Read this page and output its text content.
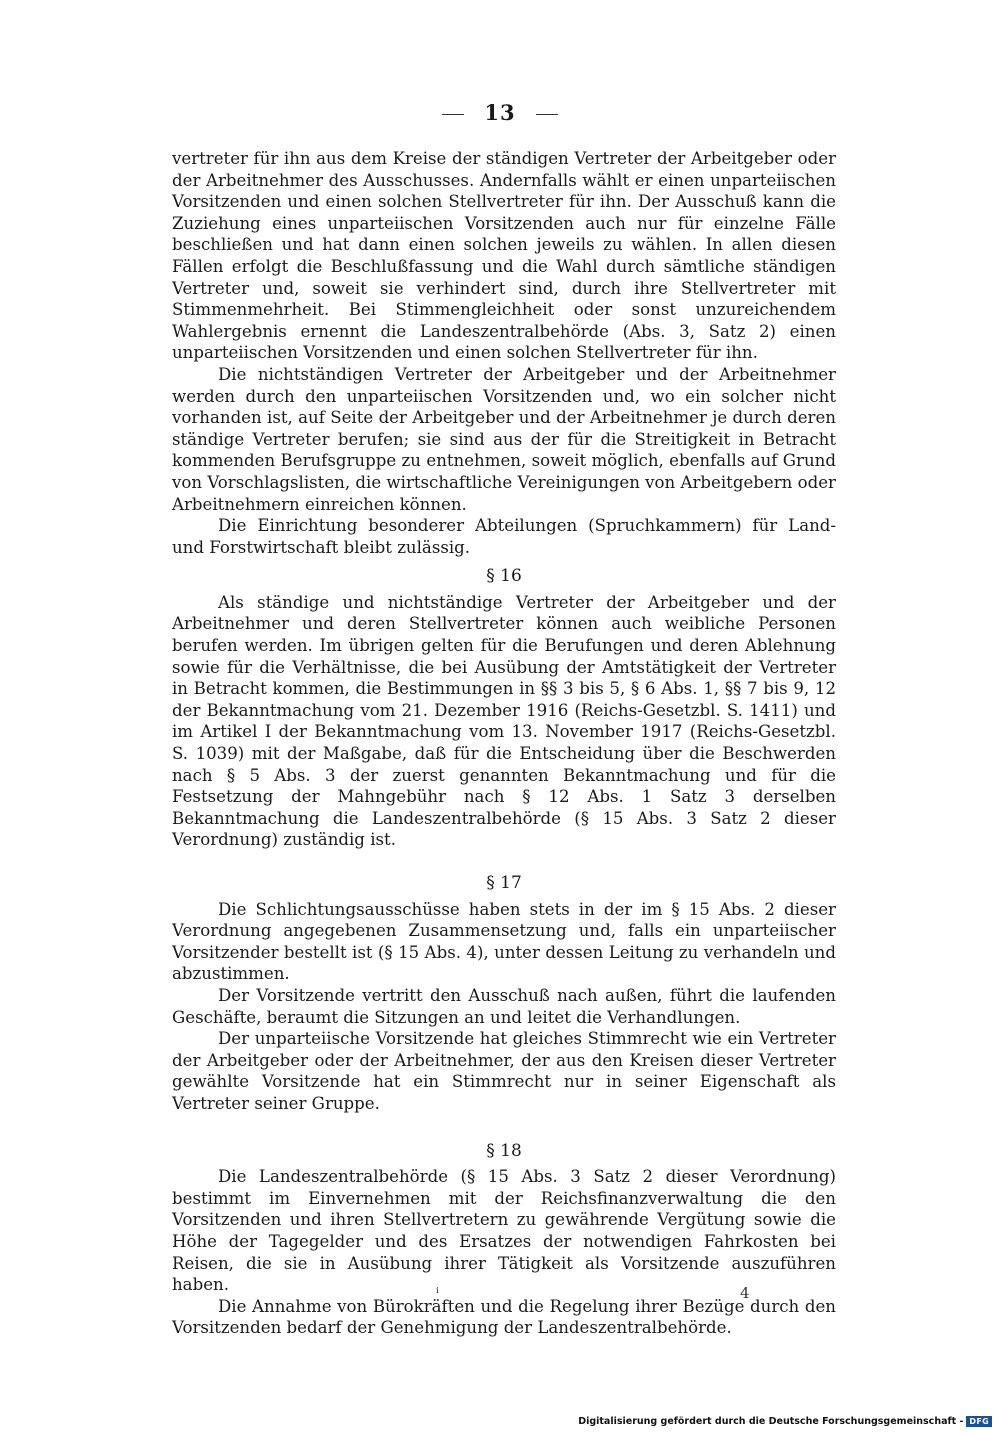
13

vertreter für ihn aus dem Kreise der ständigen Vertreter der Arbeitgeber oder der Arbeitnehmer des Ausschusses. Andernfalls wählt er einen unparteiischen Vorsitzenden und einen solchen Stellvertreter für ihn. Der Ausschuß kann die Zuziehung eines unparteiischen Vorsitzenden auch nur für einzelne Fälle beschließen und hat dann einen solchen jeweils zu wählen. In allen diesen Fällen erfolgt die Beschlußfassung und die Wahl durch sämtliche ständigen Vertreter und, soweit sie verhindert sind, durch ihre Stellvertreter mit Stimmenmehrheit. Bei Stimmengleichheit oder sonst unzureichendem Wahlergebnis ernennt die Landeszentralbehörde (Abs. 3, Satz 2) einen unparteiischen Vorsitzenden und einen solchen Stellvertreter für ihn.

Die nichtständigen Vertreter der Arbeitgeber und der Arbeitnehmer werden durch den unparteiischen Vorsitzenden und, wo ein solcher nicht vorhanden ist, auf Seite der Arbeitgeber und der Arbeitnehmer je durch deren ständige Vertreter berufen; sie sind aus der für die Streitigkeit in Betracht kommenden Berufsgruppe zu entnehmen, soweit möglich, ebenfalls auf Grund von Vorschlagslisten, die wirtschaftliche Vereinigungen von Arbeitgebern oder Arbeitnehmern einreichen können.

Die Einrichtung besonderer Abteilungen (Spruchkammern) für Land- und Forstwirtschaft bleibt zulässig.

§ 16

Als ständige und nichtständige Vertreter der Arbeitgeber und der Arbeitnehmer und deren Stellvertreter können auch weibliche Personen berufen werden. Im übrigen gelten für die Berufungen und deren Ablehnung sowie für die Verhältnisse, die bei Ausübung der Amtstätigkeit der Vertreter in Betracht kommen, die Bestimmungen in §§ 3 bis 5, § 6 Abs. 1, §§ 7 bis 9, 12 der Bekanntmachung vom 21. Dezember 1916 (Reichs-Gesetzbl. S. 1411) und im Artikel I der Bekanntmachung vom 13. November 1917 (Reichs-Gesetzbl. S. 1039) mit der Maßgabe, daß für die Entscheidung über die Beschwerden nach § 5 Abs. 3 der zuerst genannten Bekanntmachung und für die Festsetzung der Mahngebühr nach § 12 Abs. 1 Satz 3 derselben Bekanntmachung die Landeszentralbehörde (§ 15 Abs. 3 Satz 2 dieser Verordnung) zuständig ist.

§ 17

Die Schlichtungsausschüsse haben stets in der im § 15 Abs. 2 dieser Verordnung angegebenen Zusammensetzung und, falls ein unparteiischer Vorsitzender bestellt ist (§ 15 Abs. 4), unter dessen Leitung zu verhandeln und abzustimmen.

Der Vorsitzende vertritt den Ausschuß nach außen, führt die laufenden Geschäfte, beraumt die Sitzungen an und leitet die Verhandlungen.

Der unparteiische Vorsitzende hat gleiches Stimmrecht wie ein Vertreter der Arbeitgeber oder der Arbeitnehmer, der aus den Kreisen dieser Vertreter gewählte Vorsitzende hat ein Stimmrecht nur in seiner Eigenschaft als Vertreter seiner Gruppe.

§ 18

Die Landeszentralbehörde (§ 15 Abs. 3 Satz 2 dieser Verordnung) bestimmt im Einvernehmen mit der Reichsfinanzverwaltung die den Vorsitzenden und ihren Stellvertretern zu gewährende Vergütung sowie die Höhe der Tagegelder und des Ersatzes der notwendigen Fahrkosten bei Reisen, die sie in Ausübung ihrer Tätigkeit als Vorsitzende auszuführen haben.

Die Annahme von Bürokräften und die Regelung ihrer Bezüge durch den Vorsitzenden bedarf der Genehmigung der Landeszentralbehörde.

ⁱ	4
Digitalisierung gefördert durch die Deutsche Forschungsgemeinschaft - DFG
